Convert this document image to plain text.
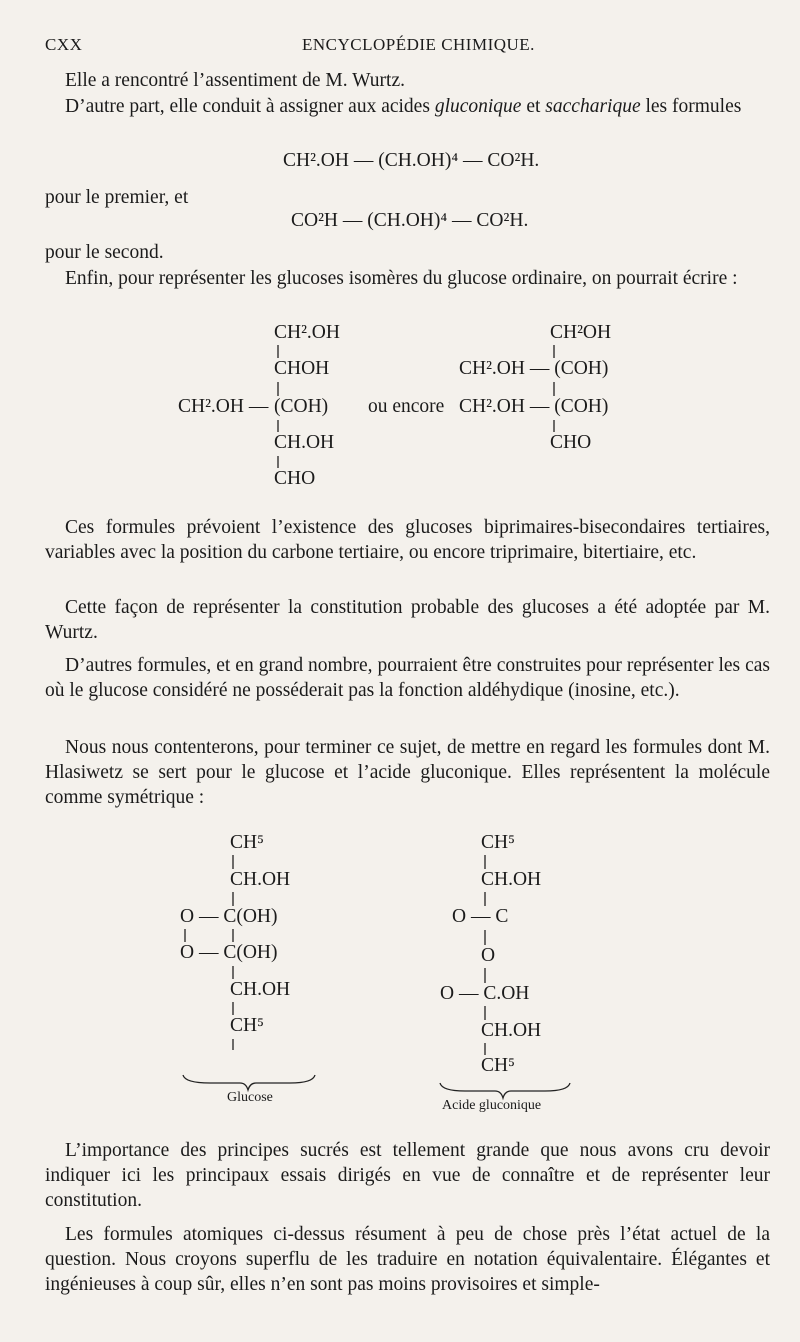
CXX	ENCYCLOPÉDIE CHIMIQUE.
Elle a rencontré l’assentiment de M. Wurtz.
D’autre part, elle conduit à assigner aux acides gluconique et saccharique les formules
CH².OH — (CH.OH)⁴ — CO²H.
pour le premier, et
CO²H — (CH.OH)⁴ — CO²H.
pour le second.
Enfin, pour représenter les glucoses isomères du glucose ordinaire, on pourrait écrire :
CH².OH
CHOH
CH².OH — (COH) ou encore
CH.OH
CHO
CH²OH
CH².OH — (COH)
CH².OH — (COH)
CHO
Ces formules prévoient l’existence des glucoses biprimaires-bisecondaires tertiaires, variables avec la position du carbone tertiaire, ou encore triprimaire, bitertiaire, etc.
Cette façon de représenter la constitution probable des glucoses a été adoptée par M. Wurtz.
D’autres formules, et en grand nombre, pourraient être construites pour représenter les cas où le glucose considéré ne posséderait pas la fonction aldéhydique (inosine, etc.).
Nous nous contenterons, pour terminer ce sujet, de mettre en regard les formules dont M. Hlasiwetz se sert pour le glucose et l’acide gluconique. Elles représentent la molécule comme symétrique :
CH⁵
CH.OH
O — C(OH)
O — C(OH)
CH.OH
CH⁵
Glucose
CH⁵
CH.OH
O — C
O
O — C.OH
CH.OH
CH⁵
Acide gluconique
L’importance des principes sucrés est tellement grande que nous avons cru devoir indiquer ici les principaux essais dirigés en vue de connaître et de représenter leur constitution.
Les formules atomiques ci-dessus résument à peu de chose près l’état actuel de la question. Nous croyons superflu de les traduire en notation équivalentaire. Élégantes et ingénieuses à coup sûr, elles n’en sont pas moins provisoires et simple-
